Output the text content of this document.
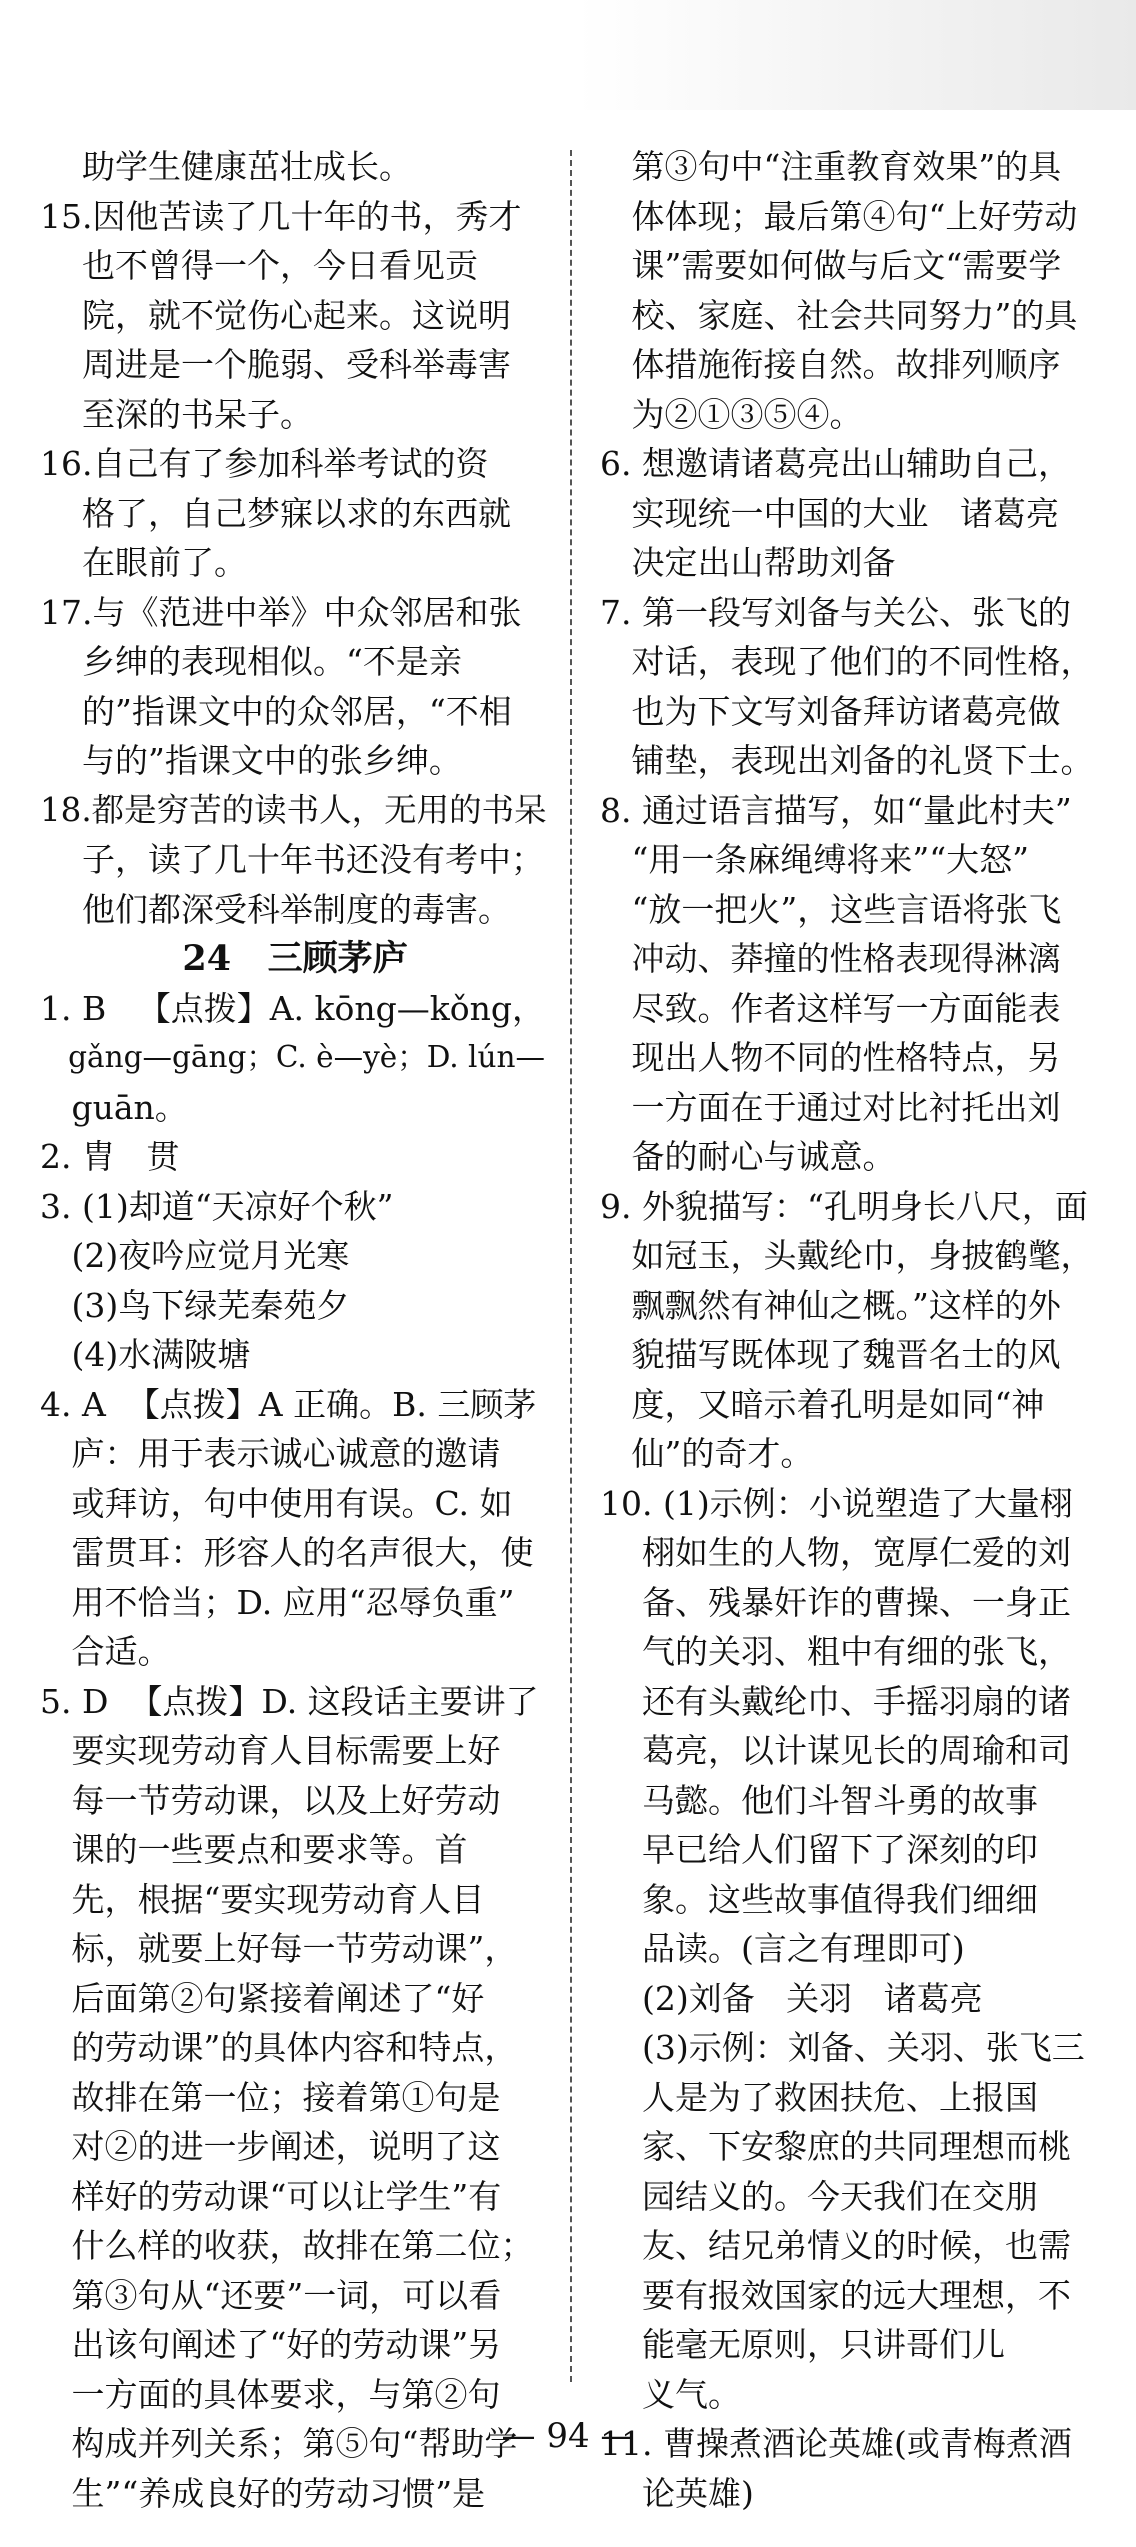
助学生健康茁壮成长。
15.因他苦读了几十年的书，秀才
也不曾得一个，今日看见贡
院，就不觉伤心起来。这说明
周进是一个脆弱、受科举毒害
至深的书呆子。
16.自己有了参加科举考试的资
格了，自己梦寐以求的东西就
在眼前了。
17.与《范进中举》中众邻居和张
乡绅的表现相似。“不是亲
的”指课文中的众邻居，“不相
与的”指课文中的张乡绅。
18.都是穷苦的读书人，无用的书呆
子，读了几十年书还没有考中；
他们都深受科举制度的毒害。
24   三顾茅庐
1. B   【点拨】A. kōng—kǒng，
gǎng—gāng；C. è—yè；D. lún—
guān。
2. 胄   贯
3. (1)却道“天凉好个秋”
(2)夜吟应觉月光寒
(3)鸟下绿芜秦苑夕
(4)水满陂塘
4. A  【点拨】A 正确。B. 三顾茅
庐：用于表示诚心诚意的邀请
或拜访，句中使用有误。C. 如
雷贯耳：形容人的名声很大，使
用不恰当；D. 应用“忍辱负重”
合适。
5. D  【点拨】D. 这段话主要讲了
要实现劳动育人目标需要上好
每一节劳动课，以及上好劳动
课的一些要点和要求等。首
先，根据“要实现劳动育人目
标，就要上好每一节劳动课”，
后面第②句紧接着阐述了“好
的劳动课”的具体内容和特点，
故排在第一位；接着第①句是
对②的进一步阐述，说明了这
样好的劳动课“可以让学生”有
什么样的收获，故排在第二位；
第③句从“还要”一词，可以看
出该句阐述了“好的劳动课”另
一方面的具体要求，与第②句
构成并列关系；第⑤句“帮助学
生”“养成良好的劳动习惯”是
第③句中“注重教育效果”的具
体体现；最后第④句“上好劳动
课”需要如何做与后文“需要学
校、家庭、社会共同努力”的具
体措施衔接自然。故排列顺序
为②①③⑤④。
6. 想邀请诸葛亮出山辅助自己，
实现统一中国的大业   诸葛亮
决定出山帮助刘备
7. 第一段写刘备与关公、张飞的
对话，表现了他们的不同性格，
也为下文写刘备拜访诸葛亮做
铺垫，表现出刘备的礼贤下士。
8. 通过语言描写，如“量此村夫”
“用一条麻绳缚将来”“大怒”
“放一把火”，这些言语将张飞
冲动、莽撞的性格表现得淋漓
尽致。作者这样写一方面能表
现出人物不同的性格特点，另
一方面在于通过对比衬托出刘
备的耐心与诚意。
9. 外貌描写：“孔明身长八尺，面
如冠玉，头戴纶巾，身披鹤氅，
飘飘然有神仙之概。”这样的外
貌描写既体现了魏晋名士的风
度，又暗示着孔明是如同“神
仙”的奇才。
10. (1)示例：小说塑造了大量栩
栩如生的人物，宽厚仁爱的刘
备、残暴奸诈的曹操、一身正
气的关羽、粗中有细的张飞，
还有头戴纶巾、手摇羽扇的诸
葛亮，以计谋见长的周瑜和司
马懿。他们斗智斗勇的故事
早已给人们留下了深刻的印
象。这些故事值得我们细细
品读。(言之有理即可)
(2)刘备   关羽   诸葛亮
(3)示例：刘备、关羽、张飞三
人是为了救困扶危、上报国
家、下安黎庶的共同理想而桃
园结义的。今天我们在交朋
友、结兄弟情义的时候，也需
要有报效国家的远大理想，不
能毫无原则，只讲哥们儿
义气。
11. 曹操煮酒论英雄(或青梅煮酒
论英雄)
— 94 —
